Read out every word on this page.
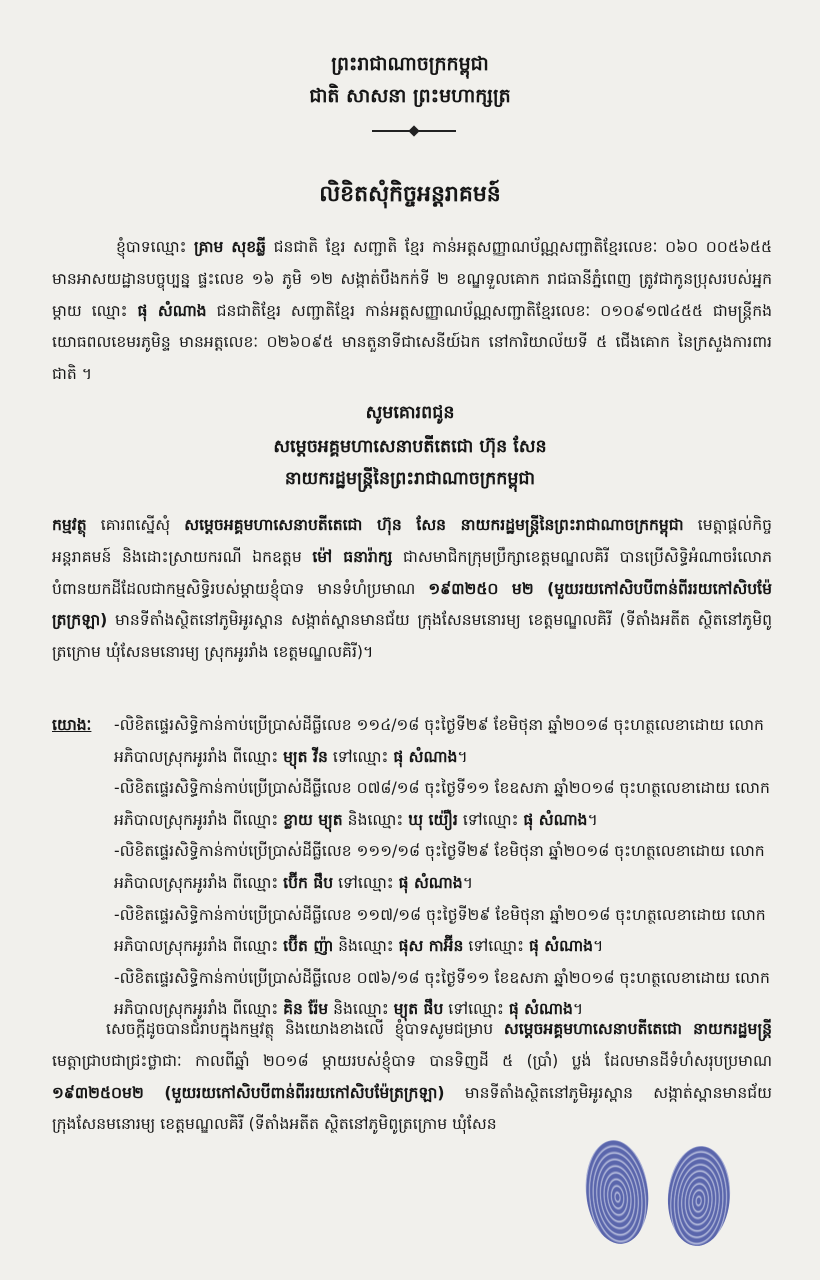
ព្រះរាជាណាចក្រកម្ពុជា
ជាតិ សាសនា ព្រះមហាក្សត្រ
លិខិតសុំកិច្ចអន្តរាគមន៍

ខ្ញុំបាទឈ្មោះ គ្រាម សុខឆ្លី ជនជាតិ ខ្មែរ សញ្ជាតិ ខ្មែរ កាន់អត្តសញ្ញាណប័ណ្ណសញ្ជាតិខ្មែរលេខៈ ០៦០ ០០៥៦៥៥ មានអាសយដ្ឋានបច្ចុប្បន្ន ផ្ទះលេខ ១៦ ភូមិ ១២ សង្កាត់បឹងកក់ទី ២ ខណ្ឌទួលគោក រាជធានីភ្នំពេញ ត្រូវជាកូនប្រុសរបស់អ្នកម្ដាយ ឈ្មោះ ផុ សំណាង ជនជាតិខ្មែរ សញ្ជាតិខ្មែរ កាន់អត្តសញ្ញាណប័ណ្ណសញ្ជាតិខ្មែរលេខៈ ០១០៩១៧៤៥៥ ជាមន្ត្រីកងយោធពលខេមរភូមិន្ទ មានអត្តលេខៈ ០២៦០៩៥ មានតួនាទីជាសេនីយ៍ឯក នៅការិយាល័យទី ៥ ជើងគោក នៃក្រសួងការពារជាតិ ។

សូមគោរពជូន
សម្ដេចអគ្គមហាសេនាបតីតេជោ ហ៊ុន សែន
នាយករដ្ឋមន្ត្រីនៃព្រះរាជាណាចក្រកម្ពុជា

កម្មវត្ថុ គោរពស្នើសុំ សម្ដេចអគ្គមហាសេនាបតីតេជោ ហ៊ុន សែន នាយករដ្ឋមន្ត្រីនៃព្រះរាជាណាចក្រកម្ពុជា មេត្តាផ្ដល់កិច្ចអន្តរាគមន៍ និងដោះស្រាយករណី ឯកឧត្ដម ម៉ៅ ធនារ៉ាក្ស ជាសមាជិកក្រុមប្រឹក្សាខេត្តមណ្ឌលគិរី បានប្រើសិទ្ធិអំណាចរំលោភបំពានយកដីដែលជាកម្មសិទ្ធិរបស់ម្ដាយខ្ញុំបាទ មានទំហំប្រមាណ ១៩៣២៥០ ម២ (មួយរយកៅសិបបីពាន់ពីររយកៅសិបម៉ែត្រក្រឡា) មានទីតាំងស្ថិតនៅភូមិអូរស្ពាន សង្កាត់ស្ពានមានជ័យ ក្រុងសែនមនោរម្យ ខេត្តមណ្ឌលគិរី (ទីតាំងអតីត ស្ថិតនៅភូមិពូត្រក្រោម ឃុំសែនមនោរម្យ ស្រុកអូររាំង ខេត្តមណ្ឌលគិរី)។

យោងៈ -លិខិតផ្ទេរសិទ្ធិកាន់កាប់ប្រើប្រាស់ដីធ្លីលេខ ១១៤/១៨ ចុះថ្ងៃទី២៩ ខែមិថុនា ឆ្នាំ២០១៨ ចុះហត្ថលេខាដោយ លោកអភិបាលស្រុកអូររាំង ពីឈ្មោះ ម្យុត វីន ទៅឈ្មោះ ផុ សំណាង។

-លិខិតផ្ទេរសិទ្ធិកាន់កាប់ប្រើប្រាស់ដីធ្លីលេខ ០៧៨/១៨ ចុះថ្ងៃទី១១ ខែឧសភា ឆ្នាំ២០១៨ ចុះហត្ថលេខាដោយ លោកអភិបាលស្រុកអូររាំង ពីឈ្មោះ ខ្លាយ ម្យុត និងឈ្មោះ ឃុ យ៉ឿរ ទៅឈ្មោះ ផុ សំណាង។

-លិខិតផ្ទេរសិទ្ធិកាន់កាប់ប្រើប្រាស់ដីធ្លីលេខ ១១១/១៨ ចុះថ្ងៃទី២៩ ខែមិថុនា ឆ្នាំ២០១៨ ចុះហត្ថលេខាដោយ លោកអភិបាលស្រុកអូររាំង ពីឈ្មោះ ប៊ើក ផឹប ទៅឈ្មោះ ផុ សំណាង។

-លិខិតផ្ទេរសិទ្ធិកាន់កាប់ប្រើប្រាស់ដីធ្លីលេខ ១១៧/១៨ ចុះថ្ងៃទី២៩ ខែមិថុនា ឆ្នាំ២០១៨ ចុះហត្ថលេខាដោយ លោកអភិបាលស្រុកអូររាំង ពីឈ្មោះ ប៊ើត ញ៉ា និងឈ្មោះ ផុស កាអ៊ីន ទៅឈ្មោះ ផុ សំណាង។

-លិខិតផ្ទេរសិទ្ធិកាន់កាប់ប្រើប្រាស់ដីធ្លីលេខ ០៧៦/១៨ ចុះថ្ងៃទី១១ ខែឧសភា ឆ្នាំ២០១៨ ចុះហត្ថលេខាដោយ លោកអភិបាលស្រុកអូររាំង ពីឈ្មោះ គិន រ៉ែម និងឈ្មោះ ម្យុត ផឹប ទៅឈ្មោះ ផុ សំណាង។

សេចក្ដីដូចបានជំរាបក្នុងកម្មវត្ថុ និងយោងខាងលើ ខ្ញុំបាទសូមជម្រាប សម្ដេចអគ្គមហាសេនាបតីតេជោ នាយករដ្ឋមន្ត្រី មេត្តាជ្រាបជាជ្រះថ្លាជាៈ កាលពីឆ្នាំ ២០១៨ ម្ដាយរបស់ខ្ញុំបាទ បានទិញដី ៥ (ប្រាំ) ប្លង់ ដែលមានដីទំហំសរុបប្រមាណ ១៩៣២៥០ម២ (មួយរយកៅសិបបីពាន់ពីររយកៅសិបម៉ែត្រក្រឡា) មានទីតាំងស្ថិតនៅភូមិអូរស្ពាន សង្កាត់ស្ពានមានជ័យ ក្រុងសែនមនោរម្យ ខេត្តមណ្ឌលគិរី (ទីតាំងអតីត ស្ថិតនៅភូមិពូត្រក្រោម ឃុំសែន
